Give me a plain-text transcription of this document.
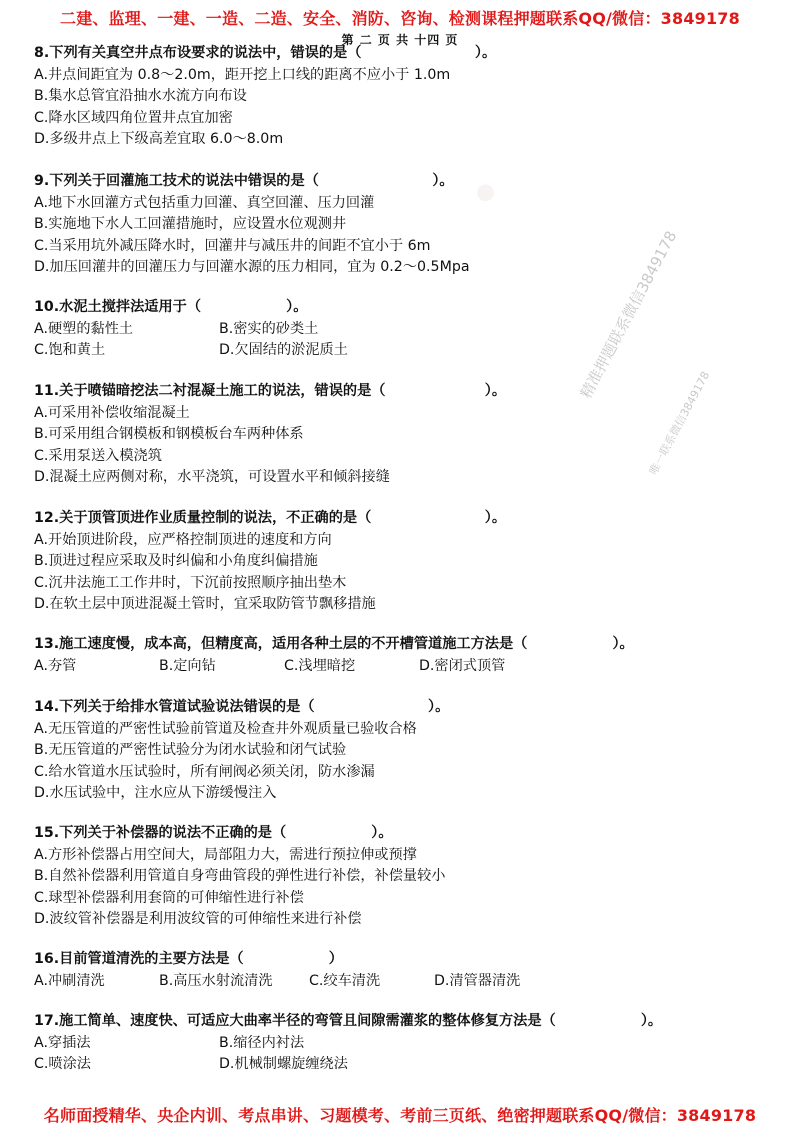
·
二建、监理、一建、一造、二造、安全、消防、咨询、检测课程押题联系QQ/微信：3849178
第 二 页 共 十四 页
8.下列有关真空井点布设要求的说法中，错误的是（　　　　　　　　）。
A.井点间距宜为 0.8～2.0m，距开挖上口线的距离不应小于 1.0m
B.集水总管宜沿抽水水流方向布设
C.降水区域四角位置井点宜加密
D.多级井点上下级高差宜取 6.0～8.0m
9.下列关于回灌施工技术的说法中错误的是（　　　　　　　　）。
A.地下水回灌方式包括重力回灌、真空回灌、压力回灌
B.实施地下水人工回灌措施时，应设置水位观测井
C.当采用坑外减压降水时，回灌井与减压井的间距不宜小于 6m
D.加压回灌井的回灌压力与回灌水源的压力相同，宜为 0.2～0.5Mpa
10.水泥土搅拌法适用于（　　　　　　）。
A.硬塑的黏性土	B.密实的砂类土
C.饱和黄土	D.欠固结的淤泥质土
11.关于喷锚暗挖法二衬混凝土施工的说法，错误的是（　　　　　　　）。
A.可采用补偿收缩混凝土
B.可采用组合钢模板和钢模板台车两种体系
C.采用泵送入模浇筑
D.混凝土应两侧对称，水平浇筑，可设置水平和倾斜接缝
12.关于顶管顶进作业质量控制的说法，不正确的是（　　　　　　　　）。
A.开始顶进阶段，应严格控制顶进的速度和方向
B.顶进过程应采取及时纠偏和小角度纠偏措施
C.沉井法施工工作井时，下沉前按照顺序抽出垫木
D.在软土层中顶进混凝土管时，宜采取防管节飘移措施
13.施工速度慢，成本高，但精度高，适用各种土层的不开槽管道施工方法是（　　　　　　）。
A.夯管	B.定向钻	C.浅埋暗挖	D.密闭式顶管
14.下列关于给排水管道试验说法错误的是（　　　　　　　　）。
A.无压管道的严密性试验前管道及检查井外观质量已验收合格
B.无压管道的严密性试验分为闭水试验和闭气试验
C.给水管道水压试验时，所有闸阀必须关闭，防水渗漏
D.水压试验中，注水应从下游缓慢注入
15.下列关于补偿器的说法不正确的是（　　　　　　）。
A.方形补偿器占用空间大，局部阻力大，需进行预拉伸或预撑
B.自然补偿器利用管道自身弯曲管段的弹性进行补偿，补偿量较小
C.球型补偿器利用套筒的可伸缩性进行补偿
D.波纹管补偿器是利用波纹管的可伸缩性来进行补偿
16.目前管道清洗的主要方法是（　　　　　　）
A.冲刷清洗	B.高压水射流清洗	C.绞车清洗	D.清管器清洗
17.施工简单、速度快、可适应大曲率半径的弯管且间隙需灌浆的整体修复方法是（　　　　　　）。
A.穿插法	B.缩径内衬法
C.喷涂法	D.机械制螺旋缠绕法
精准押题联系微信3849178
唯一联系微信3849178
名师面授精华、央企内训、考点串讲、习题模考、考前三页纸、绝密押题联系QQ/微信：3849178
